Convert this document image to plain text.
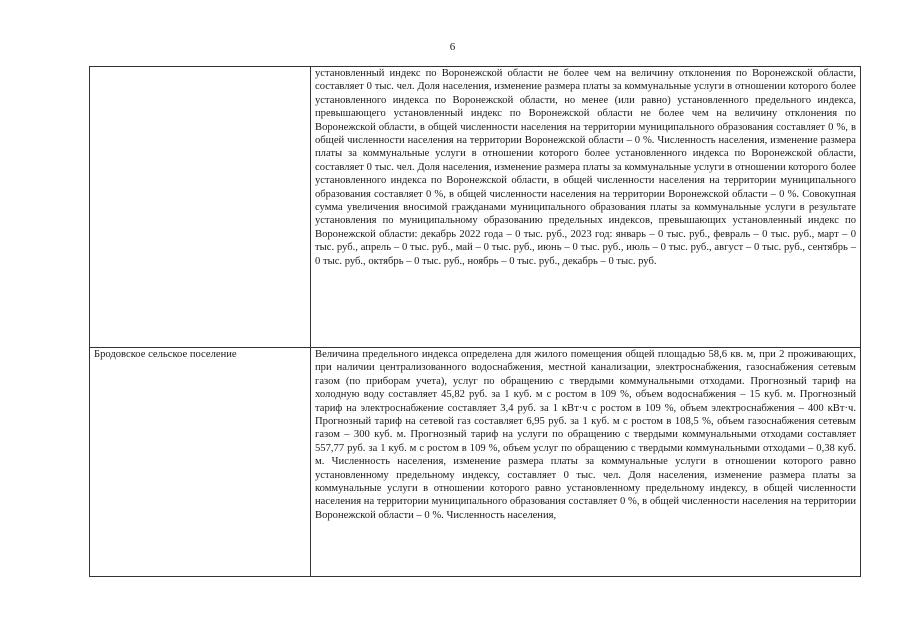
6

	установленный индекс по Воронежской области не более чем на величину отклонения по Воронежской области, составляет 0 тыс. чел. Доля населения, изменение размера платы за коммунальные услуги в отношении которого более установленного индекса по Воронежской области, но менее (или равно) установленного предельного индекса, превышающего установленный индекс по Воронежской области не более чем на величину отклонения по Воронежской области, в общей численности населения на территории муниципального образования составляет 0 %, в общей численности населения на территории Воронежской области – 0 %. Численность населения, изменение размера платы за коммунальные услуги в отношении которого более установленного индекса по Воронежской области, составляет 0 тыс. чел. Доля населения, изменение размера платы за коммунальные услуги в отношении которого более установленного индекса по Воронежской области, в общей численности населения на территории муниципального образования составляет 0 %, в общей численности населения на территории Воронежской области – 0 %. Совокупная сумма увеличения вносимой гражданами муниципального образования платы за коммунальные услуги в результате установления по муниципальному образованию предельных индексов, превышающих установленный индекс по Воронежской области: декабрь 2022 года – 0 тыс. руб., 2023 год: январь – 0 тыс. руб., февраль – 0 тыс. руб., март – 0 тыс. руб., апрель – 0 тыс. руб., май – 0 тыс. руб., июнь – 0 тыс. руб., июль – 0 тыс. руб., август – 0 тыс. руб., сентябрь – 0 тыс. руб., октябрь – 0 тыс. руб., ноябрь – 0 тыс. руб., декабрь – 0 тыс. руб.

Бродовское сельское поселение	Величина предельного индекса определена для жилого помещения общей площадью 58,6 кв. м, при 2 проживающих, при наличии централизованного водоснабжения, местной канализации, электроснабжения, газоснабжения сетевым газом (по приборам учета), услуг по обращению с твердыми коммунальными отходами. Прогнозный тариф на холодную воду составляет 45,82 руб. за 1 куб. м с ростом в 109 %, объем водоснабжения – 15 куб. м. Прогнозный тариф на электроснабжение составляет 3,4 руб. за 1 кВт·ч с ростом в 109 %, объем электроснабжения – 400 кВт·ч. Прогнозный тариф на сетевой газ составляет 6,95 руб. за 1 куб. м с ростом в 108,5 %, объем газоснабжения сетевым газом – 300 куб. м. Прогнозный тариф на услуги по обращению с твердыми коммунальными отходами составляет 557,77 руб. за 1 куб. м с ростом в 109 %, объем услуг по обращению с твердыми коммунальными отходами – 0,38 куб. м. Численность населения, изменение размера платы за коммунальные услуги в отношении которого равно установленному предельному индексу, составляет 0 тыс. чел. Доля населения, изменение размера платы за коммунальные услуги в отношении которого равно установленному предельному индексу, в общей численности населения на территории муниципального образования составляет 0 %, в общей численности населения на территории Воронежской области – 0 %. Численность населения,
